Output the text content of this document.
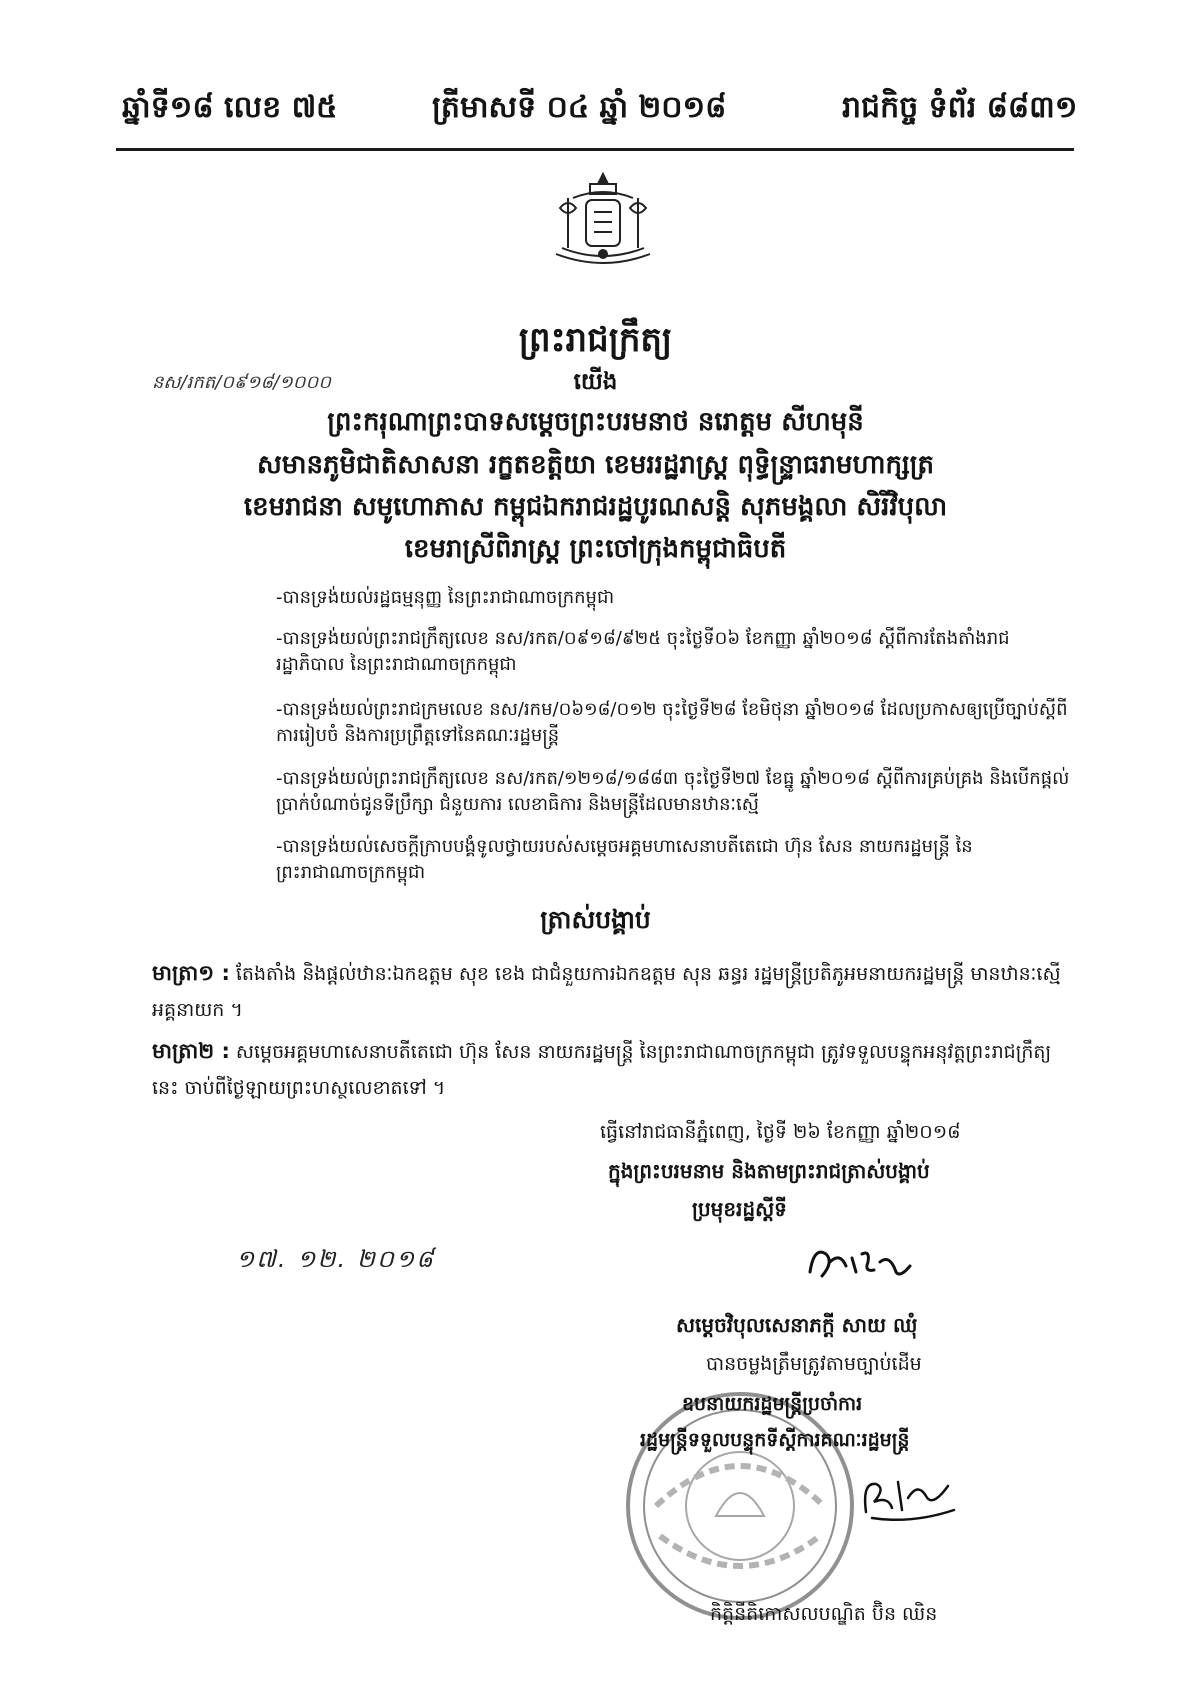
ឆ្នាំទី១៨ លេខ ៧៥	ត្រីមាសទី ០៤ ឆ្នាំ ២០១៨	រាជកិច្ច ទំព័រ ៨៨៣១
ព្រះរាជក្រឹត្យ
នស/រកត/០៩១៨/១០០០	យើង
ព្រះករុណាព្រះបាទសម្តេចព្រះបរមនាថ នរោត្តម សីហមុនី
សមានភូមិជាតិសាសនា រក្ខតខត្តិយា ខេមររដ្ឋរាស្ត្រ ពុទ្ធិន្ទ្រាធរាមហាក្សត្រ
ខេមរាជនា សមូហោភាស កម្ពុជឯករាជរដ្ឋបូរណសន្តិ សុភមង្គលា សិរីវិបុលា
ខេមរាស្រីពិរាស្ត្រ ព្រះចៅក្រុងកម្ពុជាធិបតី
-បានទ្រង់យល់រដ្ឋធម្មនុញ្ញ នៃព្រះរាជាណាចក្រកម្ពុជា
-បានទ្រង់យល់ព្រះរាជក្រឹត្យលេខ នស/រកត/០៩១៨/៩២៥ ចុះថ្ងៃទី០៦ ខែកញ្ញា ឆ្នាំ២០១៨ ស្តីពីការតែងតាំងរាជរដ្ឋាភិបាល នៃព្រះរាជាណាចក្រកម្ពុជា
-បានទ្រង់យល់ព្រះរាជក្រមលេខ នស/រកម/០៦១៨/០១២ ចុះថ្ងៃទី២៨ ខែមិថុនា ឆ្នាំ២០១៨ ដែលប្រកាសឲ្យប្រើច្បាប់ស្តីពីការរៀបចំ និងការប្រព្រឹត្តទៅនៃគណៈរដ្ឋមន្ត្រី
-បានទ្រង់យល់ព្រះរាជក្រឹត្យលេខ នស/រកត/១២១៨/១៨៨៣ ចុះថ្ងៃទី២៧ ខែធ្នូ ឆ្នាំ២០១៨ ស្តីពីការគ្រប់គ្រង និងបើកផ្តល់ប្រាក់បំណាច់ជូនទីប្រឹក្សា ជំនួយការ លេខាធិការ និងមន្ត្រីដែលមានឋានៈស្មើ
-បានទ្រង់យល់សេចក្តីក្រាបបង្គំទូលថ្វាយរបស់សម្តេចអគ្គមហាសេនាបតីតេជោ ហ៊ុន សែន នាយករដ្ឋមន្ត្រី នៃព្រះរាជាណាចក្រកម្ពុជា
ត្រាស់បង្គាប់
មាត្រា១ : តែងតាំង និងផ្តល់ឋានៈឯកឧត្តម សុខ ខេង ជាជំនួយការឯកឧត្តម សុន ឆន្ធរ រដ្ឋមន្ត្រីប្រតិភូអមនាយករដ្ឋមន្ត្រី មានឋានៈស្មើ អគ្គនាយក ។
មាត្រា២ : សម្តេចអគ្គមហាសេនាបតីតេជោ ហ៊ុន សែន នាយករដ្ឋមន្ត្រី នៃព្រះរាជាណាចក្រកម្ពុជា ត្រូវទទួលបន្ទុកអនុវត្តព្រះរាជក្រឹត្យនេះ ចាប់ពីថ្ងៃឡាយព្រះហស្ថលេខាតទៅ ។
ធ្វើនៅរាជធានីភ្នំពេញ, ថ្ងៃទី ២៦ ខែកញ្ញា ឆ្នាំ២០១៨
ក្នុងព្រះបរមនាម និងតាមព្រះរាជត្រាស់បង្គាប់
ប្រមុខរដ្ឋស្តីទី
១៧. ១២. ២០១៨
សម្តេចវិបុលសេនាភក្តី សាយ ឈុំ
បានចម្លងត្រឹមត្រូវតាមច្បាប់ដើម
ឧបនាយករដ្ឋមន្ត្រីប្រចាំការ
រដ្ឋមន្ត្រីទទួលបន្ទុកទីស្តីការគណៈរដ្ឋមន្ត្រី
កិត្តិនីតិកោសលបណ្ឌិត ប៊ិន ឈិន
